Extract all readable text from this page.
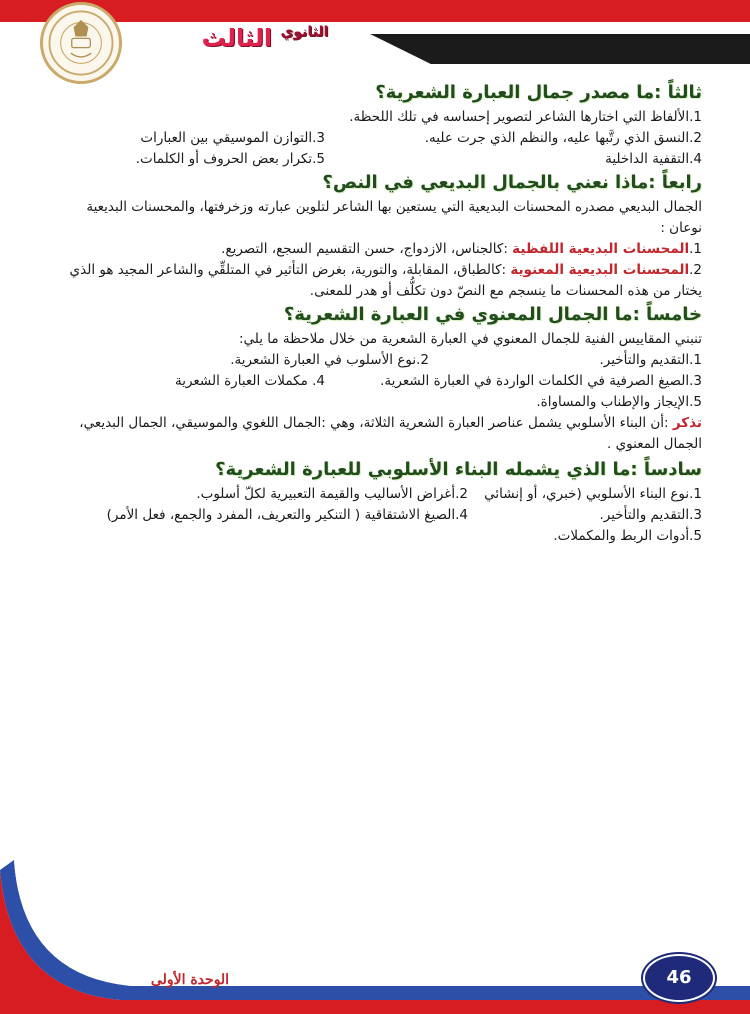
$^{الثانوي}$ الثالث
ثالثاً :ما مصدر جمال العبارة الشعرية؟
1.الألفاظ التي اختارها الشاعر لتصوير إحساسه في تلك اللحظة.
2.النسق الذي رتَّبها عليه، والنظم الذي جرت عليه.
3.التوازن الموسيقي بين العبارات
4.التقفية الداخلية
5.تكرار بعض الحروف أو الكلمات.
رابعاً :ماذا نعني بالجمال البديعي في النص؟

الجمال البديعي مصدره المحسنات البديعية التي يستعين بها الشاعر لتلوين عبارته وزخرفتها، والمحسنات البديعية نوعان :

1.المحسنات البديعية اللفظية :كالجناس، الازدواج، حسن التقسيم السجع، التصريع.

2.المحسنات البديعية المعنوية :كالطباق، المقابلة، والتورية، بغرض التأثير في المتلقِّي والشاعر المجيد هو الذي يختار من هذه المحسنات ما ينسجم مع النصّ دون تكلُّف أو هدر للمعنى.

خامساً :ما الجمال المعنوي في العبارة الشعرية؟

تنبني المقاييس الفنية للجمال المعنوي في العبارة الشعرية من خلال ملاحظة ما يلي:

1.التقديم والتأخير.
2.نوع الأسلوب في العبارة الشعرية.
3.الصيغ الصرفية في الكلمات الواردة في العبارة الشعرية.
4. مكملات العبارة الشعرية
5.الإيجاز والإطناب والمساواة.

تذكر :أن البناء الأسلوبي يشمل عناصر العبارة الشعرية الثلاثة، وهي :الجمال اللغوي والموسيقي، الجمال البديعي، الجمال المعنوي .

سادساً :ما الذي يشمله البناء الأسلوبي للعبارة الشعرية؟
1.نوع البناء الأسلوبي (خبري، أو إنشائي
2.أغراض الأساليب والقيمة التعبيرية لكلّ أسلوب.
3.التقديم والتأخير.
4.الصيغ الاشتقاقية ( التنكير والتعريف، المفرد والجمع، فعل الأمر)
5.أدوات الربط والمكملات.
46
الوحدة الأولى
